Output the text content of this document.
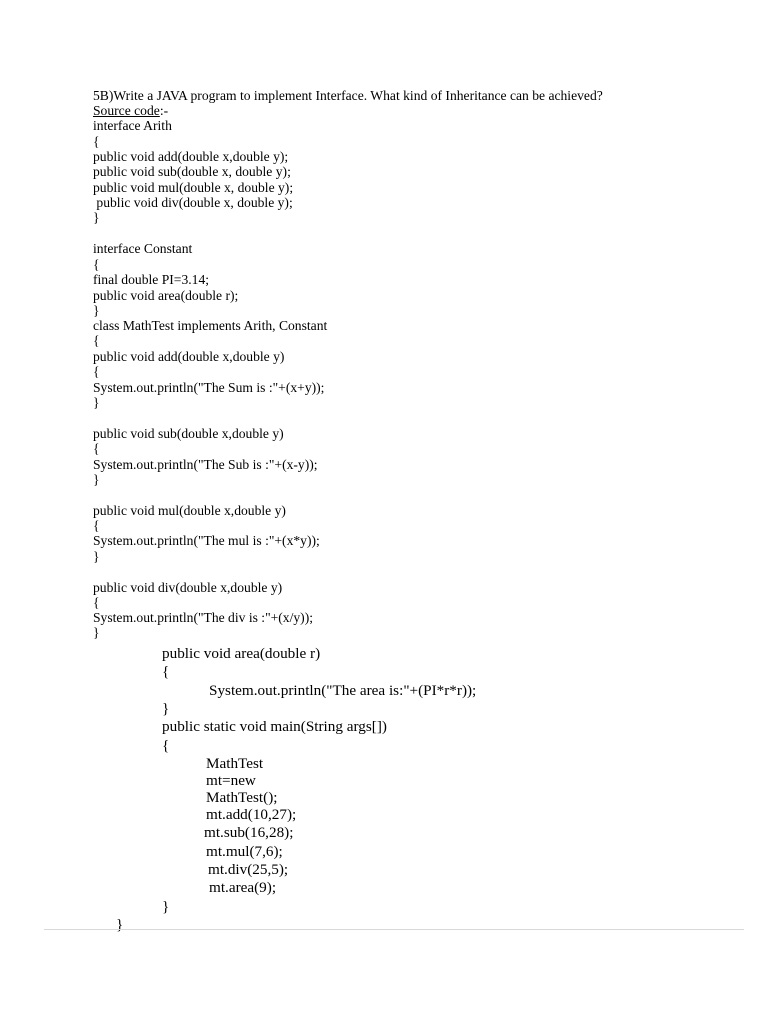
5B)Write a JAVA program to implement Interface. What kind of Inheritance can be achieved?
Source code:-
interface Arith
{
public void add(double x,double y);
public void sub(double x, double y);
public void mul(double x, double y);
public void div(double x, double y);
}
interface Constant
{
final double PI=3.14;
public void area(double r);
}
class MathTest implements Arith, Constant
{
public void add(double x,double y)
{
System.out.println("The Sum is :"+(x+y));
}
public void sub(double x,double y)
{
System.out.println("The Sub is :"+(x-y));
}
public void mul(double x,double y)
{
System.out.println("The mul is :"+(x*y));
}
public void div(double x,double y)
{
System.out.println("The div is :"+(x/y));
}
public void area(double r)
{
System.out.println("The area is:"+(PI*r*r));
}
public static void main(String args[])
{
MathTest
mt=new
MathTest();
mt.add(10,27);
mt.sub(16,28);
mt.mul(7,6);
mt.div(25,5);
mt.area(9);
}
}
